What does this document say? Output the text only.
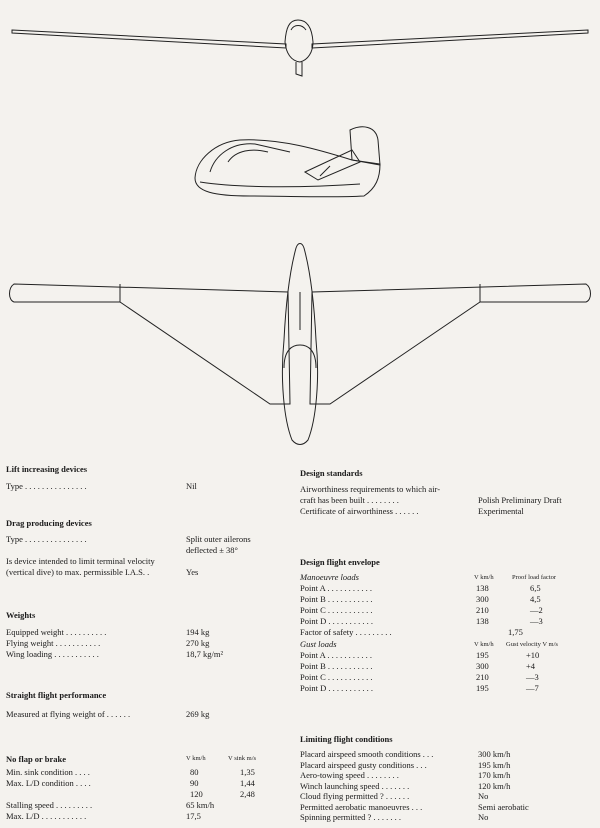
Lift increasing devices
Type . . . . . . . . . . . . . . .	Nil
Drag producing devices
Type . . . . . . . . . . . . . . .	Split outer ailerons
deflected ± 38°
Is device intended to limit terminal velocity
(vertical dive) to max. permissible I.A.S. .	Yes
Weights
Equipped weight . . . . . . . . . .	194 kg
Flying weight . . . . . . . . . . .	270 kg
Wing loading . . . . . . . . . . .	18,7 kg/m²
Straight flight performance
Measured at flying weight of . . . . . .	269 kg
No flap or brake	V km/h	V sink m/s
Min. sink condition . . . .	80	1,35
Max. L/D condition . . . .	90	1,44
120	2,48
Stalling speed . . . . . . . . .	65 km/h
Max. L/D . . . . . . . . . . .	17,5
Design standards
Airworthiness requirements to which air-
craft has been built . . . . . . . .	Polish Preliminary Draft
Certificate of airworthiness . . . . . .	Experimental
Design flight envelope
Manoeuvre loads	V km/h	Proof load factor
Point A . . . . . . . . . . .	138	6,5
Point B . . . . . . . . . . .	300	4,5
Point C . . . . . . . . . . .	210	—2
Point D . . . . . . . . . . .	138	—3
Factor of safety . . . . . . . . .	1,75
Gust loads	V km/h Gust velocity V m/s
Point A . . . . . . . . . . .	195	+10
Point B . . . . . . . . . . .	300	+4
Point C . . . . . . . . . . .	210	—3
Point D . . . . . . . . . . .	195	—7
Limiting flight conditions
Placard airspeed smooth conditions . . .	300 km/h
Placard airspeed gusty conditions . . .	195 km/h
Aero-towing speed . . . . . . . .	170 km/h
Winch launching speed . . . . . . .	120 km/h
Cloud flying permitted ? . . . . . .	No
Permitted aerobatic manoeuvres . . .	Semi aerobatic
Spinning permitted ? . . . . . . .	No
